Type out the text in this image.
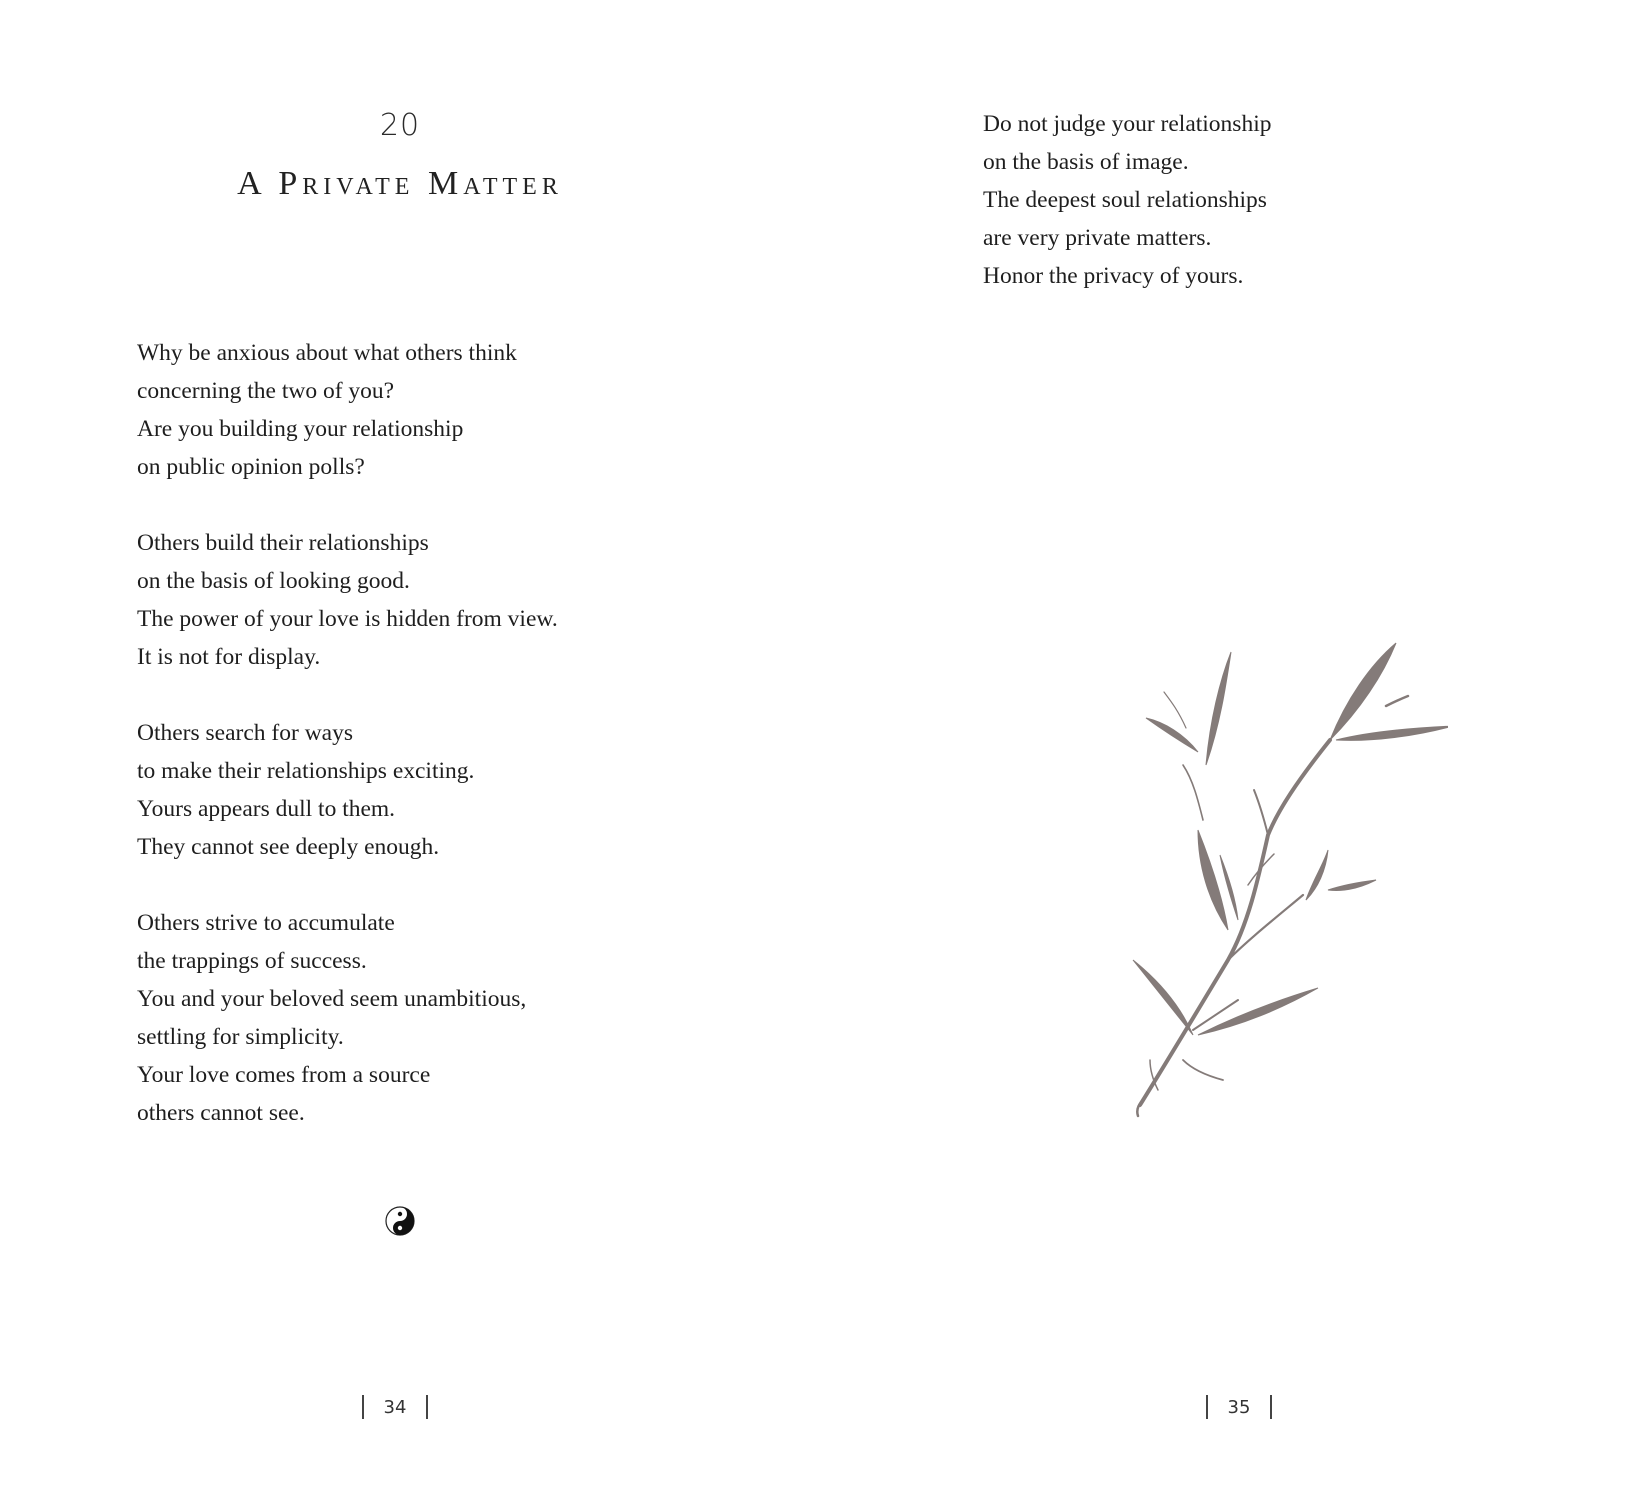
20
A Private Matter
Why be anxious about what others think
concerning the two of you?
Are you building your relationship
on public opinion polls?
Others build their relationships
on the basis of looking good.
The power of your love is hidden from view.
It is not for display.
Others search for ways
to make their relationships exciting.
Yours appears dull to them.
They cannot see deeply enough.
Others strive to accumulate
the trappings of success.
You and your beloved seem unambitious,
settling for simplicity.
Your love comes from a source
others cannot see.
34
Do not judge your relationship
on the basis of image.
The deepest soul relationships
are very private matters.
Honor the privacy of yours.
35
